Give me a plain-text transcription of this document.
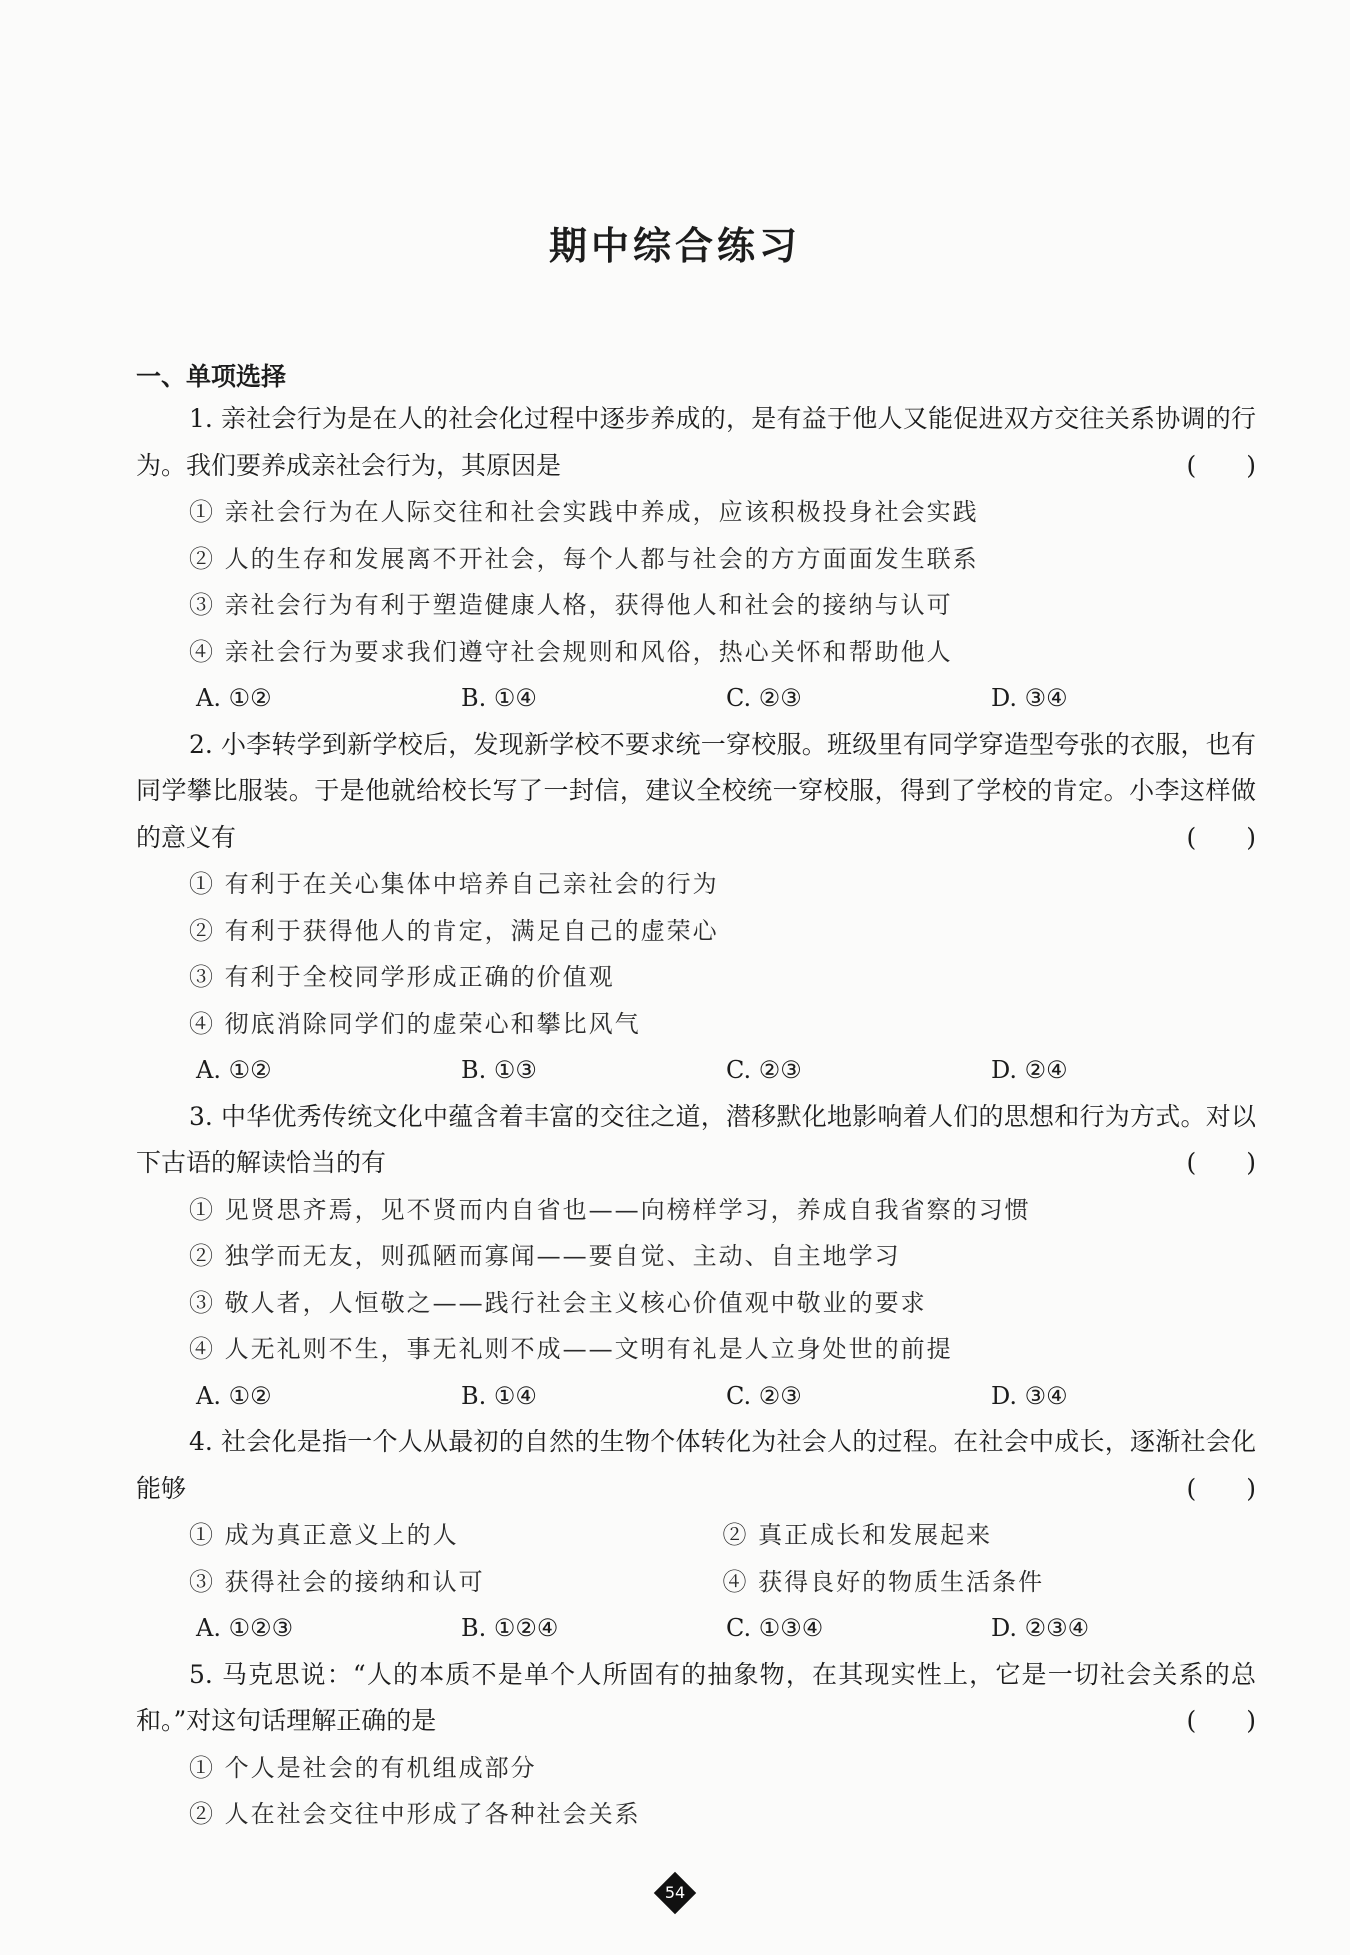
期中综合练习
一、单项选择

1. 亲社会行为是在人的社会化过程中逐步养成的，是有益于他人又能促进双方交往关系协调的行为。我们要养成亲社会行为，其原因是	(　　)

① 亲社会行为在人际交往和社会实践中养成，应该积极投身社会实践
② 人的生存和发展离不开社会，每个人都与社会的方方面面发生联系
③ 亲社会行为有利于塑造健康人格，获得他人和社会的接纳与认可
④ 亲社会行为要求我们遵守社会规则和风俗，热心关怀和帮助他人
A. ①②	B. ①④	C. ②③	D. ③④

2. 小李转学到新学校后，发现新学校不要求统一穿校服。班级里有同学穿造型夸张的衣服，也有同学攀比服装。于是他就给校长写了一封信，建议全校统一穿校服，得到了学校的肯定。小李这样做的意义有	(　　)

① 有利于在关心集体中培养自己亲社会的行为
② 有利于获得他人的肯定，满足自己的虚荣心
③ 有利于全校同学形成正确的价值观
④ 彻底消除同学们的虚荣心和攀比风气
A. ①②	B. ①③	C. ②③	D. ②④

3. 中华优秀传统文化中蕴含着丰富的交往之道，潜移默化地影响着人们的思想和行为方式。对以下古语的解读恰当的有	(　　)

① 见贤思齐焉，见不贤而内自省也——向榜样学习，养成自我省察的习惯
② 独学而无友，则孤陋而寡闻——要自觉、主动、自主地学习
③ 敬人者，人恒敬之——践行社会主义核心价值观中敬业的要求
④ 人无礼则不生，事无礼则不成——文明有礼是人立身处世的前提
A. ①②	B. ①④	C. ②③	D. ③④

4. 社会化是指一个人从最初的自然的生物个体转化为社会人的过程。在社会中成长，逐渐社会化能够	(　　)

① 成为真正意义上的人	② 真正成长和发展起来
③ 获得社会的接纳和认可	④ 获得良好的物质生活条件
A. ①②③	B. ①②④	C. ①③④	D. ②③④

5. 马克思说：“人的本质不是单个人所固有的抽象物，在其现实性上，它是一切社会关系的总和。”对这句话理解正确的是	(　　)

① 个人是社会的有机组成部分
② 人在社会交往中形成了各种社会关系
54
